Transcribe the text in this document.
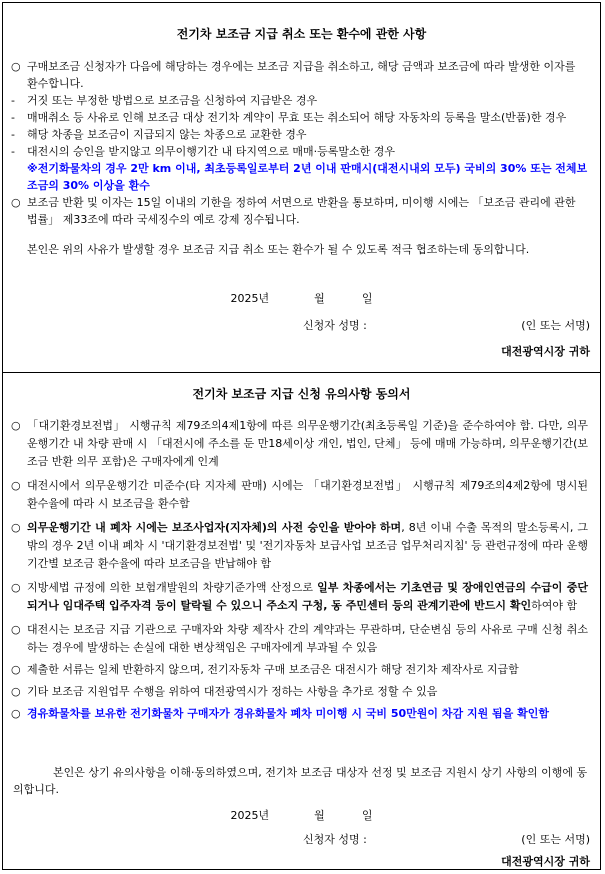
전기차 보조금 지급 취소 또는 환수에 관한 사항
○ 구매보조금 신청자가 다음에 해당하는 경우에는 보조금 지급을 취소하고, 해당 금액과 보조금에 따라 발생한 이자를 환수합니다.
-	거짓 또는 부정한 방법으로 보조금을 신청하여 지급받은 경우
-	매매취소 등 사유로 인해 보조금 대상 전기차 계약이 무효 또는 취소되어 해당 자동차의 등록을 말소(반품)한 경우
-	해당 차종을 보조금이 지급되지 않는 차종으로 교환한 경우
-	대전시의 승인을 받지않고 의무이행기간 내 타지역으로 매매·등록말소한 경우
※전기화물차의 경우 2만 km 이내, 최초등록일로부터 2년 이내 판매시(대전시내외 모두) 국비의 30% 또는 전체보조금의 30% 이상을 환수
○ 보조금 반환 및 이자는 15일 이내의 기한을 정하여 서면으로 반환을 통보하며, 미이행 시에는 「보조금 관리에 관한 법률」 제33조에 따라 국세징수의 예로 강제 징수됩니다.
본인은 위의 사유가 발생할 경우 보조금 지급 취소 또는 환수가 될 수 있도록 적극 협조하는데 동의합니다.
2025년	월	일
신청자 성명 :	(인 또는 서명)
대전광역시장 귀하
전기차 보조금 지급 신청 유의사항 동의서
○ 「대기환경보전법」 시행규칙 제79조의4제1항에 따른 의무운행기간(최초등록일 기준)을 준수하여야 함. 다만, 의무운행기간 내 차량 판매 시 「대전시에 주소를 둔 만18세이상 개인, 법인, 단체」 등에 매매 가능하며, 의무운행기간(보조금 반환 의무 포함)은 구매자에게 인계
○ 대전시에서 의무운행기간 미준수(타 지자체 판매) 시에는 「대기환경보전법」 시행규칙 제79조의4제2항에 명시된 환수율에 따라 시 보조금을 환수함
○ 의무운행기간 내 폐차 시에는 보조사업자(지자체)의 사전 승인을 받아야 하며, 8년 이내 수출 목적의 말소등록시, 그 밖의 경우 2년 이내 폐차 시 '대기환경보전법' 및 '전기자동차 보급사업 보조금 업무처리지침' 등 관련규정에 따라 운행기간별 보조금 환수율에 따라 보조금을 반납해야 함
○ 지방세법 규정에 의한 보험개발원의 차량기준가액 산정으로 일부 차종에서는 기초연금 및 장애인연금의 수급이 중단되거나 임대주택 입주자격 등이 탈락될 수 있으니 주소지 구청, 동 주민센터 등의 관계기관에 반드시 확인하여야 함
○ 대전시는 보조금 지급 기관으로 구매자와 차량 제작사 간의 계약과는 무관하며, 단순변심 등의 사유로 구매 신청 취소하는 경우에 발생하는 손실에 대한 변상책임은 구매자에게 부과될 수 있음
○ 제출한 서류는 일체 반환하지 않으며, 전기자동차 구매 보조금은 대전시가 해당 전기차 제작사로 지급함
○ 기타 보조금 지원업무 수행을 위하여 대전광역시가 정하는 사항을 추가로 정할 수 있음
○ 경유화물차를 보유한 전기화물차 구매자가 경유화물차 폐차 미이행 시 국비 50만원이 차감 지원 됨을 확인함
본인은 상기 유의사항을 이해·동의하였으며, 전기차 보조금 대상자 선정 및 보조금 지원시 상기 사항의 이행에 동의합니다.
2025년	월	일
신청자 성명 :	(인 또는 서명)
대전광역시장 귀하
